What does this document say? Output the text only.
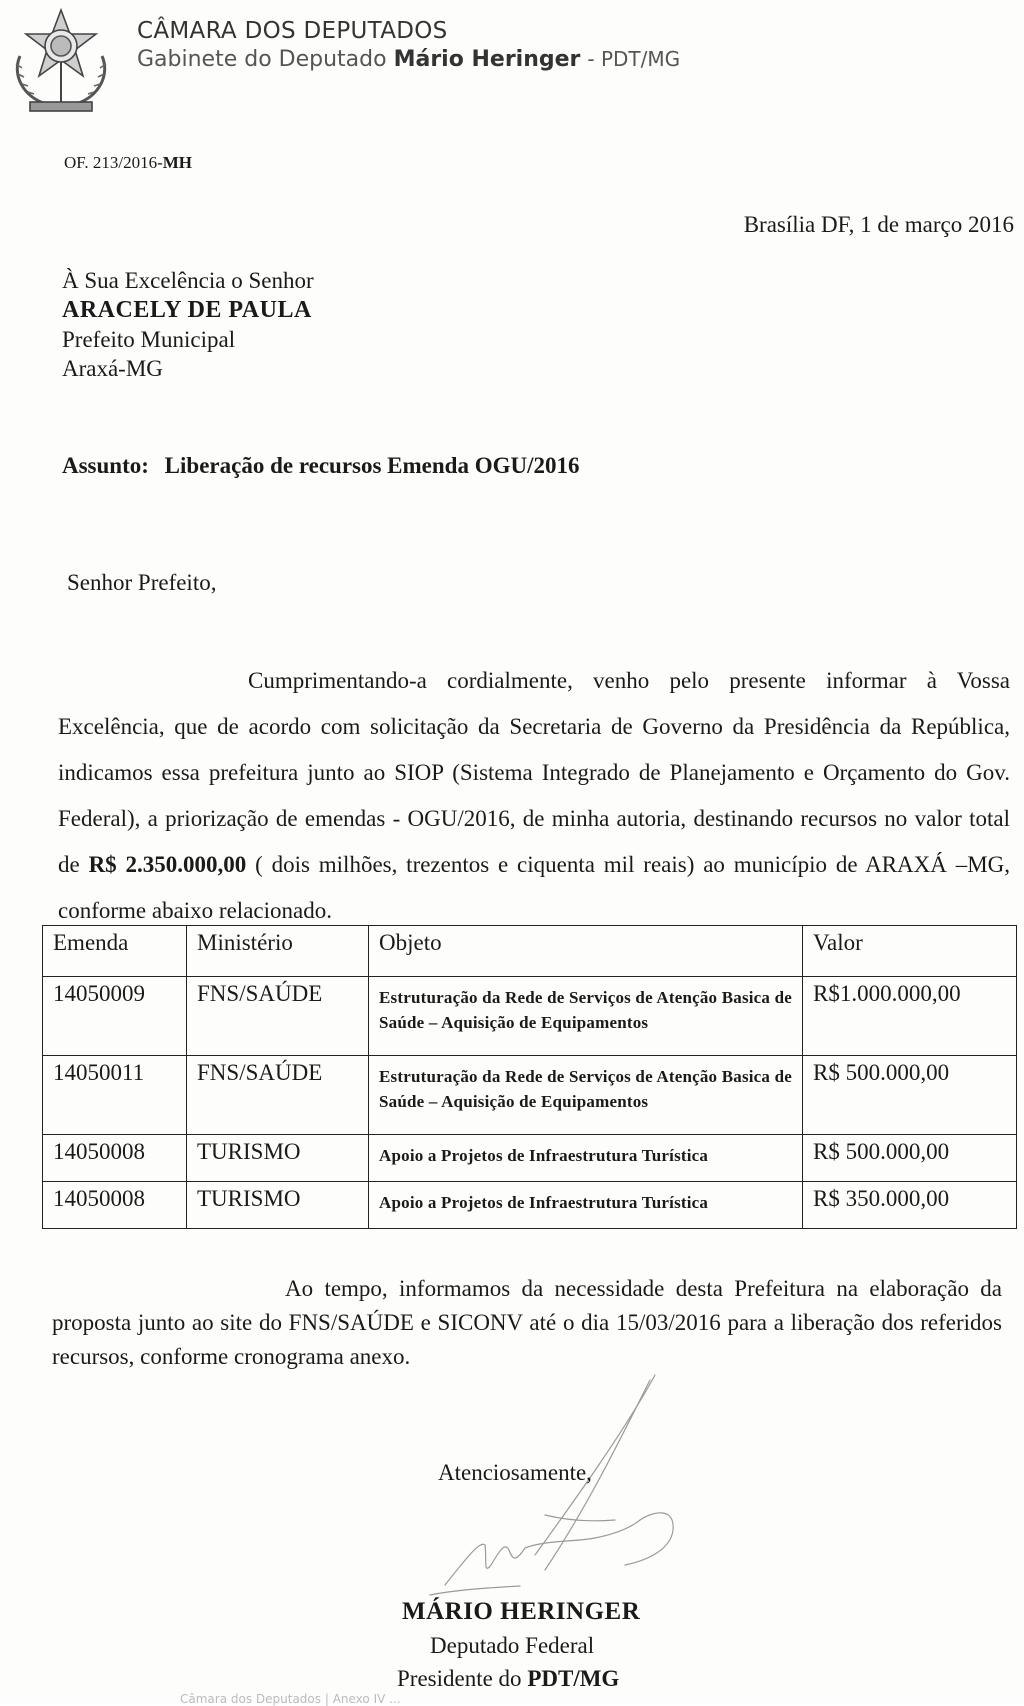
CÂMARA DOS DEPUTADOS
Gabinete do Deputado Mário Heringer - PDT/MG
OF. 213/2016-MH
Brasília DF, 1 de março 2016
À Sua Excelência o Senhor
ARACELY DE PAULA
Prefeito Municipal
Araxá-MG
Assunto: Liberação de recursos Emenda OGU/2016
Senhor Prefeito,
Cumprimentando-a cordialmente, venho pelo presente informar à Vossa Excelência, que de acordo com solicitação da Secretaria de Governo da Presidência da República, indicamos essa prefeitura junto ao SIOP (Sistema Integrado de Planejamento e Orçamento do Gov. Federal), a priorização de emendas - OGU/2016, de minha autoria, destinando recursos no valor total de R$ 2.350.000,00 ( dois milhões, trezentos e ciquenta mil reais) ao município de ARAXÁ –MG, conforme abaixo relacionado.
Emenda	Ministério	Objeto	Valor
14050009	FNS/SAÚDE	Estruturação da Rede de Serviços de Atenção Basica de Saúde – Aquisição de Equipamentos	R$1.000.000,00
14050011	FNS/SAÚDE	Estruturação da Rede de Serviços de Atenção Basica de Saúde – Aquisição de Equipamentos	R$ 500.000,00
14050008	TURISMO	Apoio a Projetos de Infraestrutura Turística	R$ 500.000,00
14050008	TURISMO	Apoio a Projetos de Infraestrutura Turística	R$ 350.000,00
Ao tempo, informamos da necessidade desta Prefeitura na elaboração da proposta junto ao site do FNS/SAÚDE e SICONV até o dia 15/03/2016 para a liberação dos referidos recursos, conforme cronograma anexo.
Atenciosamente,
MÁRIO HERINGER
Deputado Federal
Presidente do PDT/MG
Câmara dos Deputados | Anexo IV ...
